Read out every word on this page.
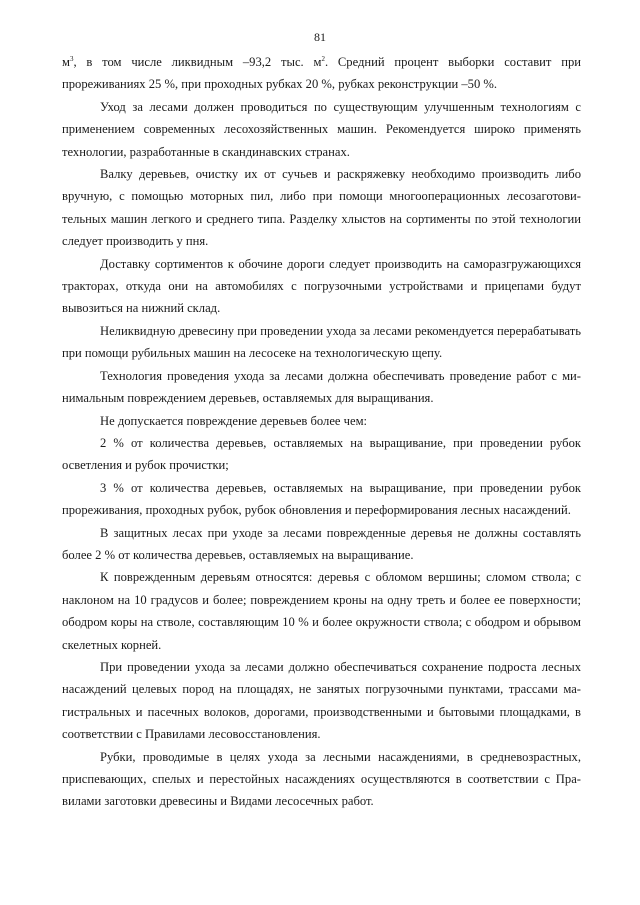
81

$м^3$, в том числе ликвидным –93,2 тыс. $м^2$. Средний процент выборки составит при прореживаниях 25 %, при проходных рубках 20 %, рубках реконструкции –50 %.

Уход за лесами должен проводиться по существующим улучшенным технологиям с применением современных лесохозяйственных машин. Рекомендуется широко применять технологии, разработанные в скандинавских странах.

Валку деревьев, очистку их от сучьев и раскряжевку необходимо производить либо вручную, с помощью моторных пил, либо при помощи многооперационных лесозаготовительных машин легкого и среднего типа. Разделку хлыстов на сортименты по этой технологии следует производить у пня.

Доставку сортиментов к обочине дороги следует производить на саморазгружающихся тракторах, откуда они на автомобилях с погрузочными устройствами и прицепами будут вывозиться на нижний склад.

Неликвидную древесину при проведении ухода за лесами рекомендуется перерабатывать при помощи рубильных машин на лесосеке на технологическую щепу.

Технология проведения ухода за лесами должна обеспечивать проведение работ с минимальным повреждением деревьев, оставляемых для выращивания.

Не допускается повреждение деревьев более чем:

2 % от количества деревьев, оставляемых на выращивание, при проведении рубок осветления и рубок прочистки;

3 % от количества деревьев, оставляемых на выращивание, при проведении рубок прореживания, проходных рубок, рубок обновления и переформирования лесных насаждений.

В защитных лесах при уходе за лесами поврежденные деревья не должны составлять более 2 % от количества деревьев, оставляемых на выращивание.

К поврежденным деревьям относятся: деревья с обломом вершины; сломом ствола; с наклоном на 10 градусов и более; повреждением кроны на одну треть и более ее поверхности; ободром коры на стволе, составляющим 10 % и более окружности ствола; с ободром и обрывом скелетных корней.

При проведении ухода за лесами должно обеспечиваться сохранение подроста лесных насаждений целевых пород на площадях, не занятых погрузочными пунктами, трассами магистральных и пасечных волоков, дорогами, производственными и бытовыми площадками, в соответствии с Правилами лесовосстановления.

Рубки, проводимые в целях ухода за лесными насаждениями, в средневозрастных, приспевающих, спелых и перестойных насаждениях осуществляются в соответствии с Правилами заготовки древесины и Видами лесосечных работ.
